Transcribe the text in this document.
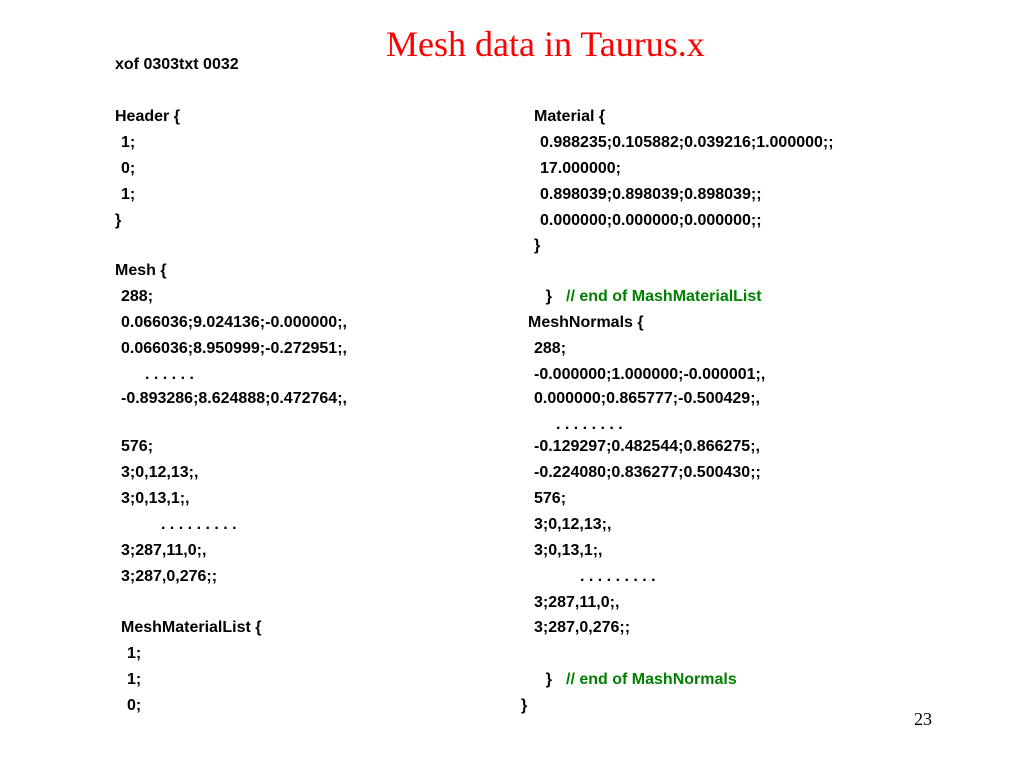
Mesh data in Taurus.x
xof 0303txt 0032
Header {
1;
0;
1;
}
Mesh {
288;
0.066036;9.024136;-0.000000;,
0.066036;8.950999;-0.272951;,
. . . . . .
-0.893286;8.624888;0.472764;,
576;
3;0,12,13;,
3;0,13,1;,
. . . . . . . . .
3;287,11,0;,
3;287,0,276;;
MeshMaterialList {
1;
1;
0;
Material {
0.988235;0.105882;0.039216;1.000000;;
17.000000;
0.898039;0.898039;0.898039;;
0.000000;0.000000;0.000000;;
}

} // end of MashMaterialList

MeshNormals {
288;
-0.000000;1.000000;-0.000001;,
0.000000;0.865777;-0.500429;,
. . . . . . . .
-0.129297;0.482544;0.866275;,
-0.224080;0.836277;0.500430;;
576;
3;0,12,13;,
3;0,13,1;,
. . . . . . . . .
3;287,11,0;,
3;287,0,276;;

} // end of MashNormals

}
23
